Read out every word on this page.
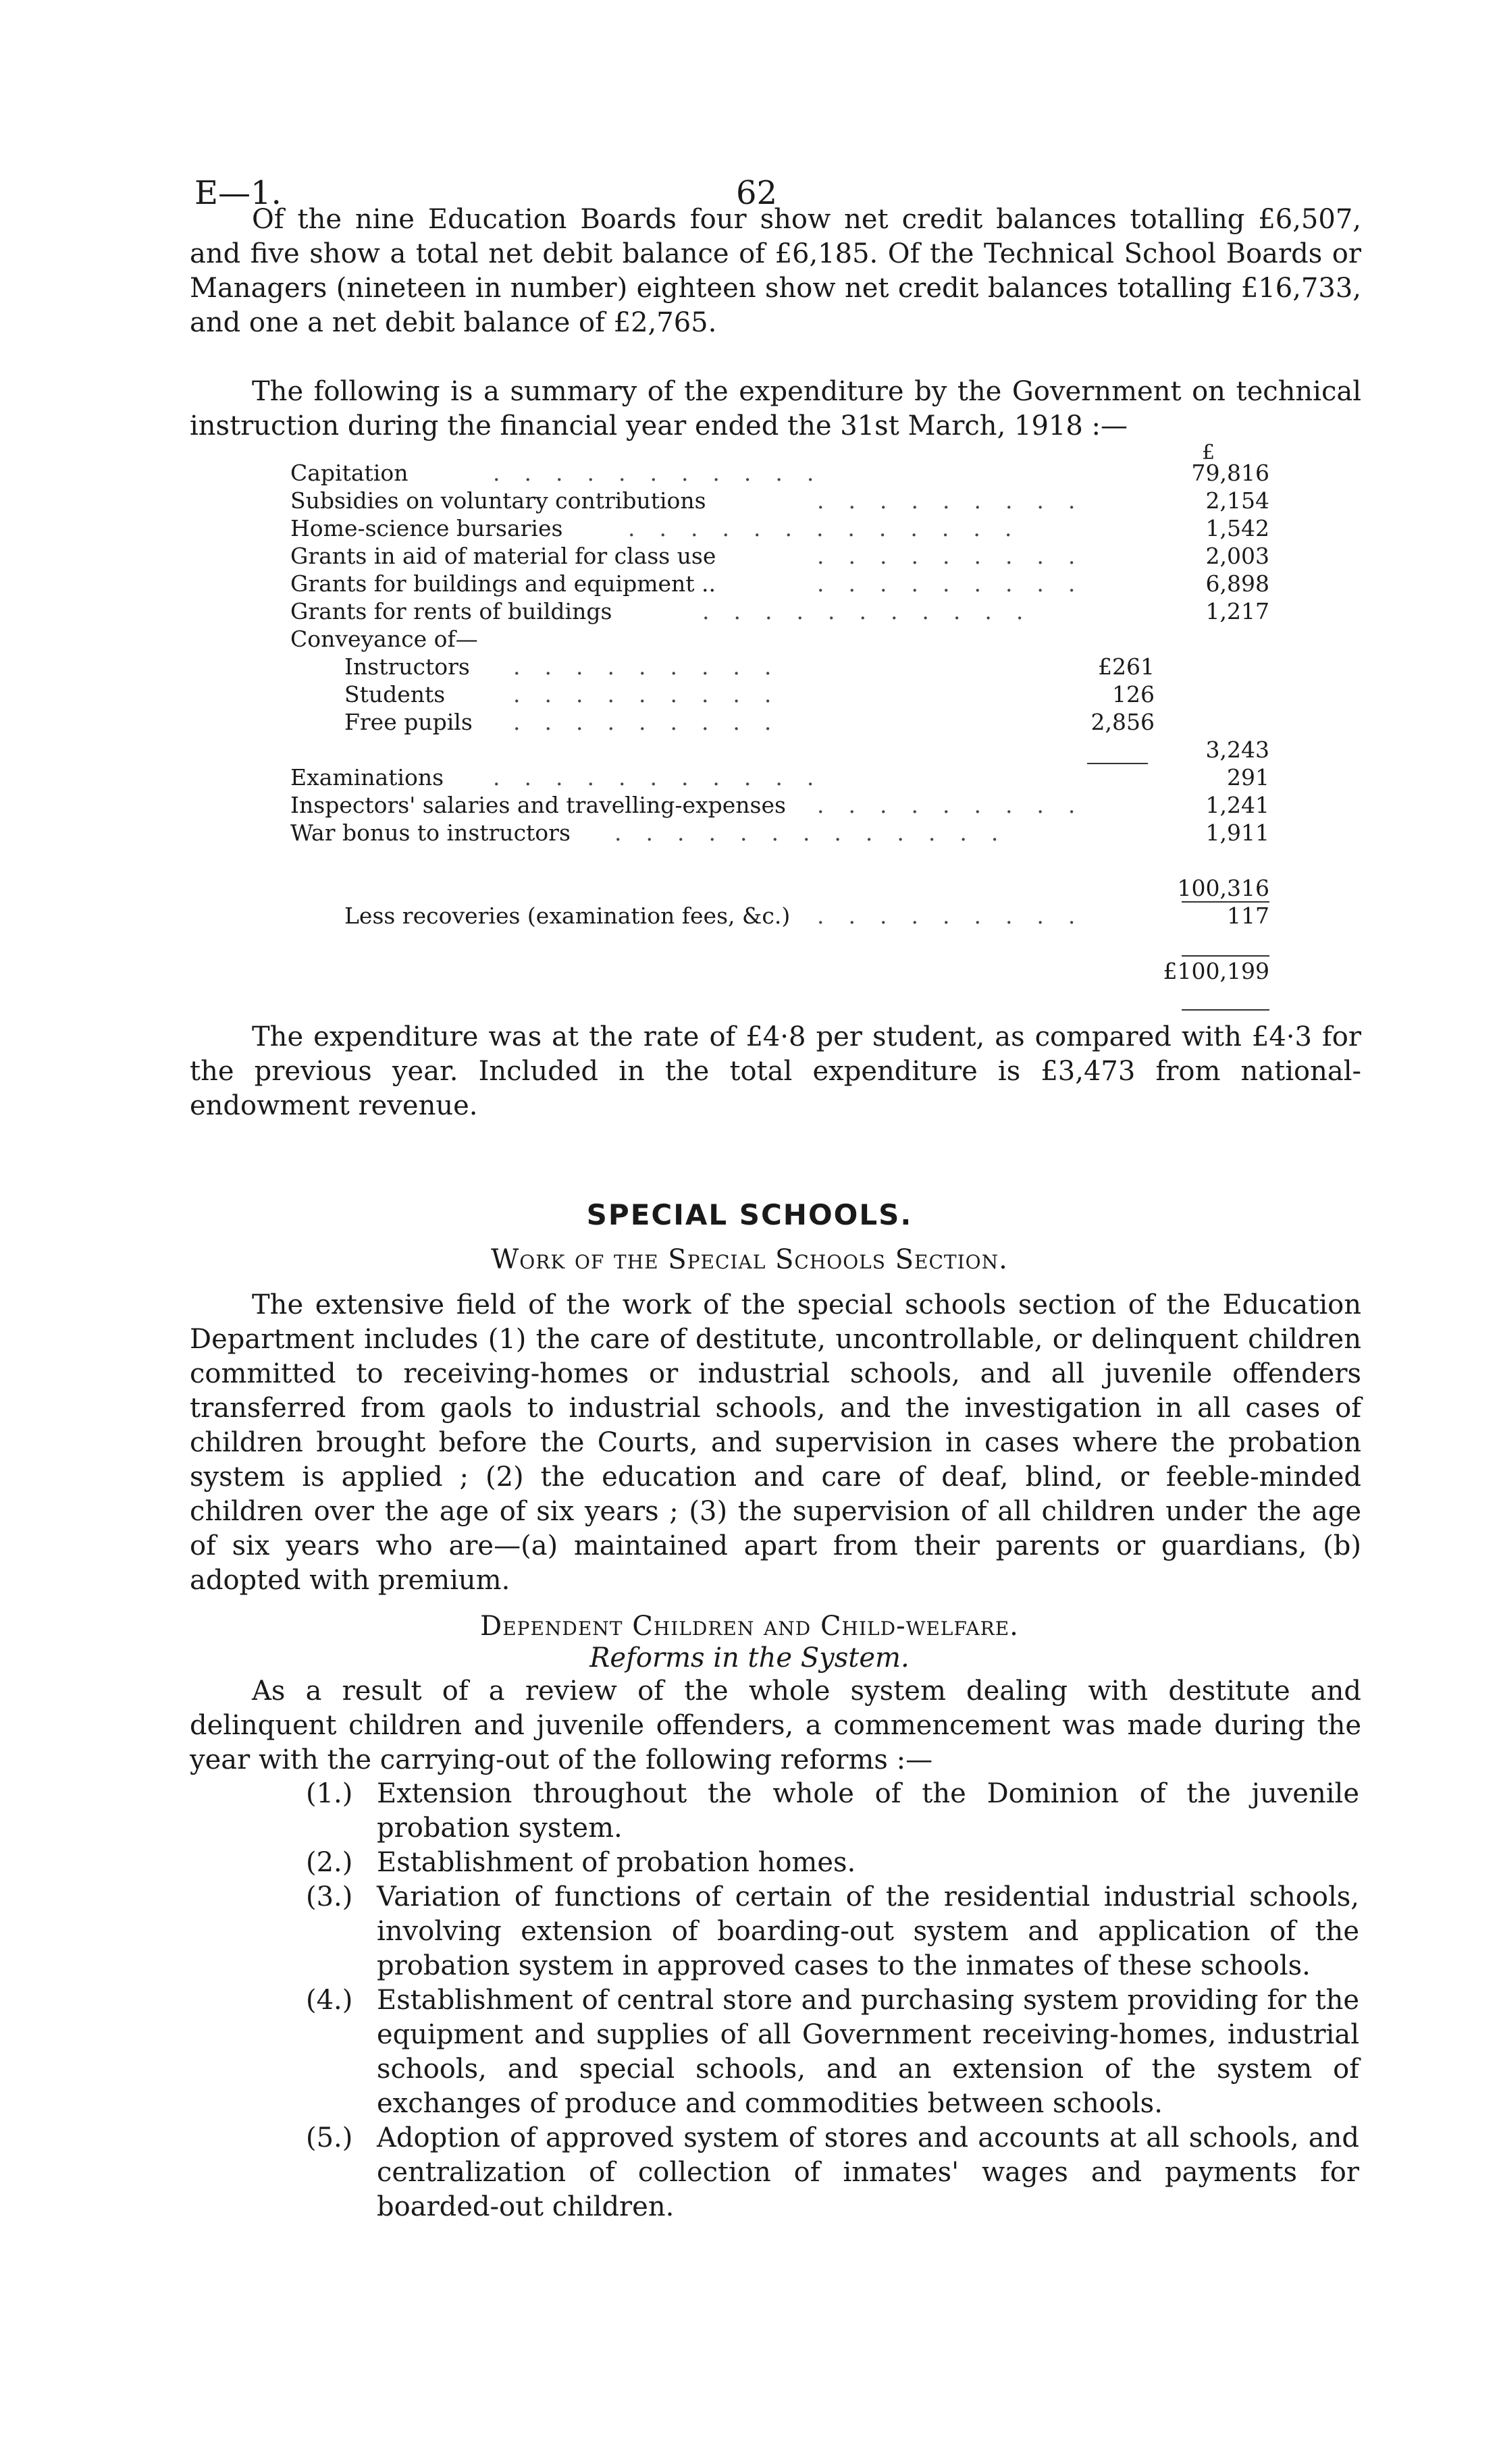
E—1.	62

Of the nine Education Boards four show net credit balances totalling £6,507, and five show a total net debit balance of £6,185. Of the Technical School Boards or Managers (nineteen in number) eighteen show net credit balances totalling £16,733, and one a net debit balance of £2,765.

The following is a summary of the expenditure by the Government on technical instruction during the financial year ended the 31st March, 1918 :—

£
Capitation	...........	79,816
Subsidies on voluntary contributions	.........	2,154
Home-science bursaries	.............	1,542
Grants in aid of material for class use	.........	2,003
Grants for buildings and equipment ..	.........	6,898
Grants for rents of buildings	...........	1,217
Conveyance of—
Instructors .........	£261
Students	.........	126
Free pupils .........	2,856
3,243
Examinations ...........	291
Inspectors' salaries and travelling-expenses .........	1,241
War bonus to instructors .............	1,911
100,316
Less recoveries (examination fees, &c.) .........	117
£100,199

The expenditure was at the rate of £4·8 per student, as compared with £4·3 for the previous year. Included in the total expenditure is £3,473 from national-endowment revenue.

SPECIAL SCHOOLS.
Work of the Special Schools Section.

The extensive field of the work of the special schools section of the Education Department includes (1) the care of destitute, uncontrollable, or delinquent children committed to receiving-homes or industrial schools, and all juvenile offenders transferred from gaols to industrial schools, and the investigation in all cases of children brought before the Courts, and supervision in cases where the probation system is applied ; (2) the education and care of deaf, blind, or feeble-minded children over the age of six years ; (3) the supervision of all children under the age of six years who are—(a) maintained apart from their parents or guardians, (b) adopted with premium.

Dependent Children and Child-welfare.
Reforms in the System.

As a result of a review of the whole system dealing with destitute and delinquent children and juvenile offenders, a commencement was made during the year with the carrying-out of the following reforms :—

(1.) Extension throughout the whole of the Dominion of the juvenile probation system.
(2.) Establishment of probation homes.
(3.) Variation of functions of certain of the residential industrial schools, involving extension of boarding-out system and application of the probation system in approved cases to the inmates of these schools.
(4.) Establishment of central store and purchasing system providing for the equipment and supplies of all Government receiving-homes, industrial schools, and special schools, and an extension of the system of exchanges of produce and commodities between schools.
(5.) Adoption of approved system of stores and accounts at all schools, and centralization of collection of inmates' wages and payments for boarded-out children.
